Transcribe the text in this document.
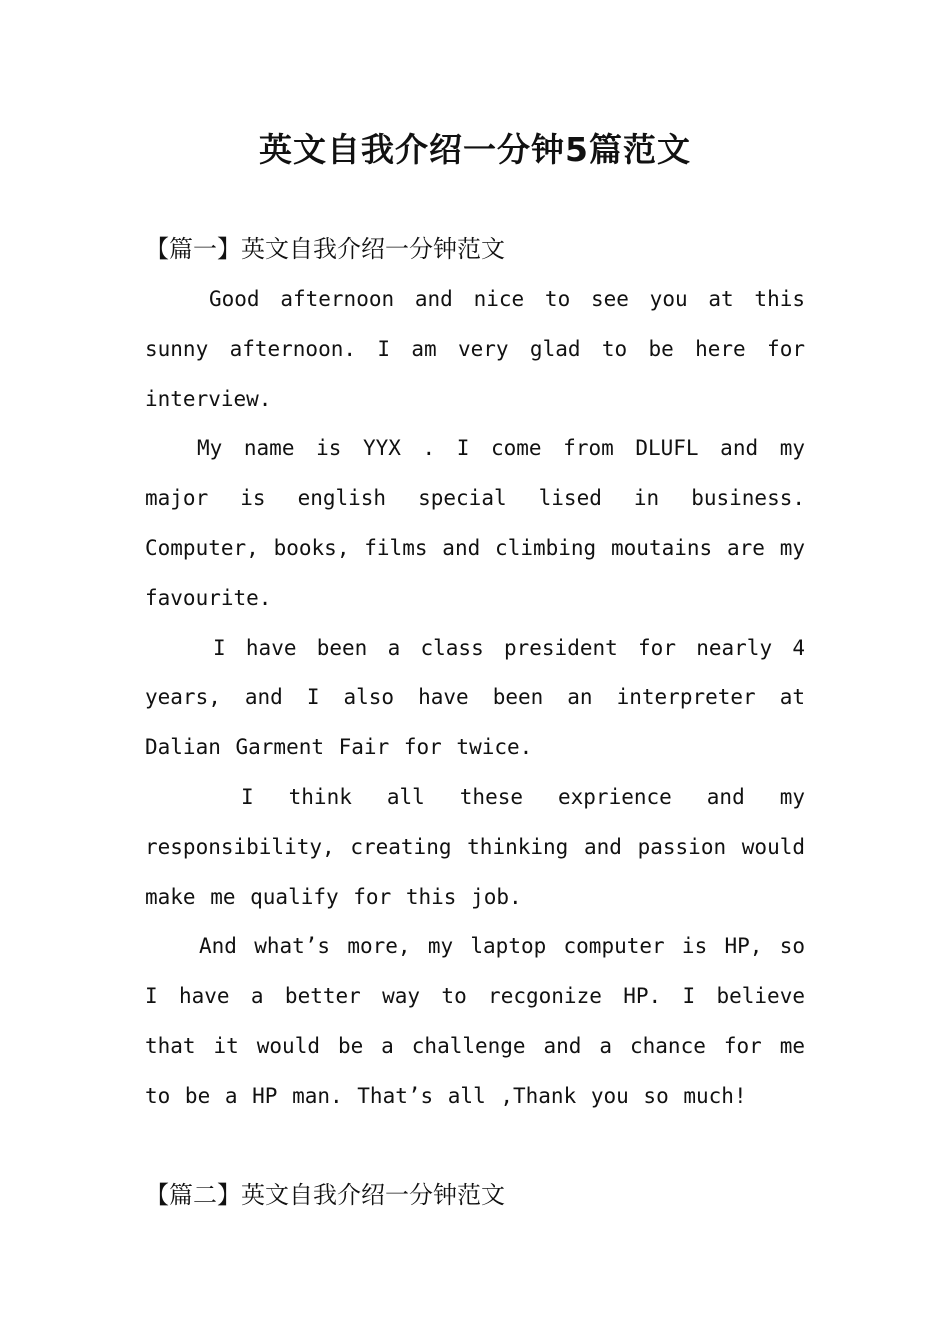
英文自我介绍一分钟5篇范文
【篇一】英文自我介绍一分钟范文

Good afternoon and nice to see you at this sunny afternoon. I am very glad to be here for interview.

My name is YYX . I come from DLUFL and my major is english special lised in business. Computer, books, films and climbing moutains are my favourite.

I have been a class president for nearly 4 years, and I also have been an interpreter at Dalian Garment Fair for twice.

I think all these exprience and my responsibility, creating thinking and passion would make me qualify for this job.

And what’s more, my laptop computer is HP, so I have a better way to recgonize HP. I believe that it would be a challenge and a chance for me to be a HP man. That’s all ,Thank you so much!

【篇二】英文自我介绍一分钟范文
